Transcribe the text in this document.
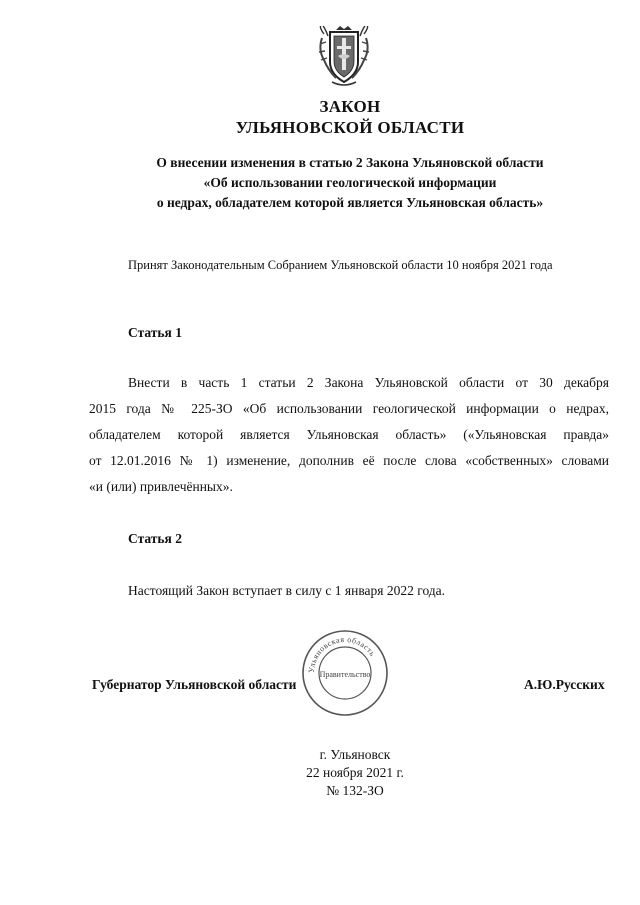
ЗАКОН
УЛЬЯНОВСКОЙ ОБЛАСТИ
О внесении изменения в статью 2 Закона Ульяновской области
«Об использовании геологической информации
о недрах, обладателем которой является Ульяновская область»
Принят Законодательным Собранием Ульяновской области 10 ноября 2021 года
Статья 1
Внести в часть 1 статьи 2 Закона Ульяновской области от 30 декабря
2015 года № 225-ЗО «Об использовании геологической информации о недрах,
обладателем которой является Ульяновская область» («Ульяновская правда»
от 12.01.2016 № 1) изменение, дополнив её после слова «собственных» словами
«и (или) привлечённых».
Статья 2
Настоящий Закон вступает в силу с 1 января 2022 года.
Губернатор Ульяновской области	А.Ю.Русских
Ульяновская область
Правительство
г. Ульяновск
22 ноября 2021 г.
№ 132-ЗО
